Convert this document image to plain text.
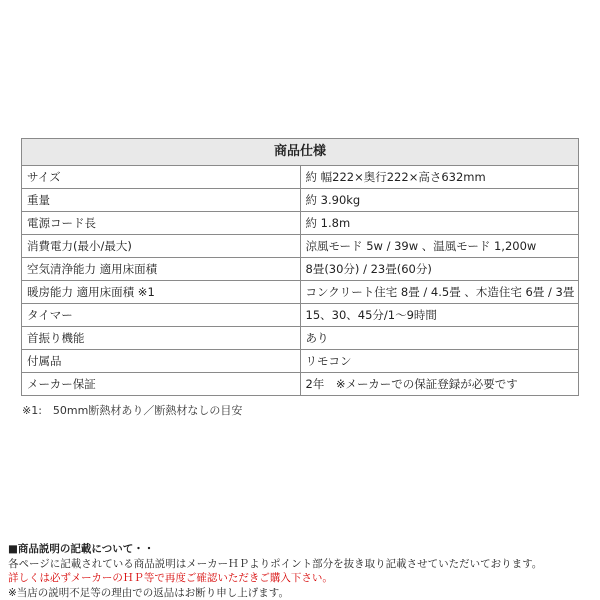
商品仕様	
サイズ	約 幅222×奥行222×高さ632mm
重量	約 3.90kg
電源コード長	約 1.8m
消費電力(最小/最大)	涼風モード 5w / 39w 、温風モード 1,200w
空気清浄能力 適用床面積	8畳(30分) / 23畳(60分)
暖房能力 適用床面積 ※1	コンクリート住宅 8畳 / 4.5畳 、木造住宅 6畳 / 3畳
タイマー	15、30、45分/1～9時間
首振り機能	あり
付属品	リモコン
メーカー保証	2年　※メーカーでの保証登録が必要です
※1:　50mm断熱材あり／断熱材なしの目安
■商品説明の記載について・・
各ページに記載されている商品説明はメーカーＨＰよりポイント部分を抜き取り記載させていただいております。
詳しくは必ずメーカーのＨＰ等で再度ご確認いただきご購入下さい。
※当店の説明不足等の理由での返品はお断り申し上げます。
